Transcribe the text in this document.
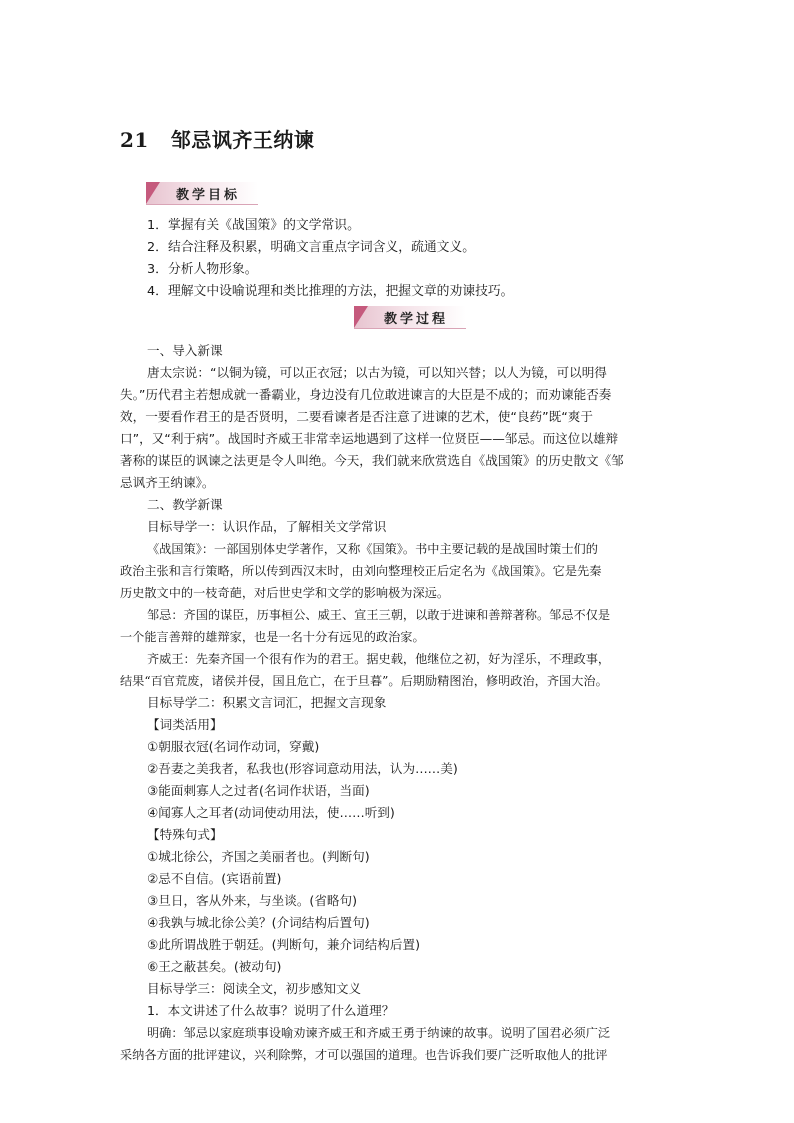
21 邹忌讽齐王纳谏
教学目标
1．掌握有关《战国策》的文学常识。
2．结合注释及积累，明确文言重点字词含义，疏通文义。
3．分析人物形象。
4．理解文中设喻说理和类比推理的方法，把握文章的劝谏技巧。
教学过程
一、导入新课
唐太宗说：“以铜为镜，可以正衣冠；以古为镜，可以知兴替；以人为镜，可以明得
失。”历代君主若想成就一番霸业，身边没有几位敢进谏言的大臣是不成的；而劝谏能否奏
效，一要看作君王的是否贤明，二要看谏者是否注意了进谏的艺术，使“良药”既“爽于
口”，又“利于病”。战国时齐威王非常幸运地遇到了这样一位贤臣——邹忌。而这位以雄辩
著称的谋臣的讽谏之法更是令人叫绝。今天，我们就来欣赏选自《战国策》的历史散文《邹
忌讽齐王纳谏》。
二、教学新课
目标导学一：认识作品，了解相关文学常识
《战国策》：一部国别体史学著作，又称《国策》。书中主要记载的是战国时策士们的
政治主张和言行策略，所以传到西汉末时，由刘向整理校正后定名为《战国策》。它是先秦
历史散文中的一枝奇葩，对后世史学和文学的影响极为深远。
邹忌：齐国的谋臣，历事桓公、威王、宣王三朝，以敢于进谏和善辩著称。邹忌不仅是
一个能言善辩的雄辩家，也是一名十分有远见的政治家。
齐威王：先秦齐国一个很有作为的君王。据史载，他继位之初，好为淫乐，不理政事，
结果“百官荒废，诸侯并侵，国且危亡，在于旦暮”。后期励精图治，修明政治，齐国大治。
目标导学二：积累文言词汇，把握文言现象
【词类活用】
①朝服衣冠(名词作动词，穿戴)
②吾妻之美我者，私我也(形容词意动用法，认为……美)
③能面刺寡人之过者(名词作状语，当面)
④闻寡人之耳者(动词使动用法，使……听到)
【特殊句式】
①城北徐公，齐国之美丽者也。(判断句)
②忌不自信。(宾语前置)
③旦日，客从外来，与坐谈。(省略句)
④我孰与城北徐公美？(介词结构后置句)
⑤此所谓战胜于朝廷。(判断句，兼介词结构后置)
⑥王之蔽甚矣。(被动句)
目标导学三：阅读全文，初步感知文义
1．本文讲述了什么故事？说明了什么道理？
明确：邹忌以家庭琐事设喻劝谏齐威王和齐威王勇于纳谏的故事。说明了国君必须广泛
采纳各方面的批评建议，兴利除弊，才可以强国的道理。也告诉我们要广泛听取他人的批评
